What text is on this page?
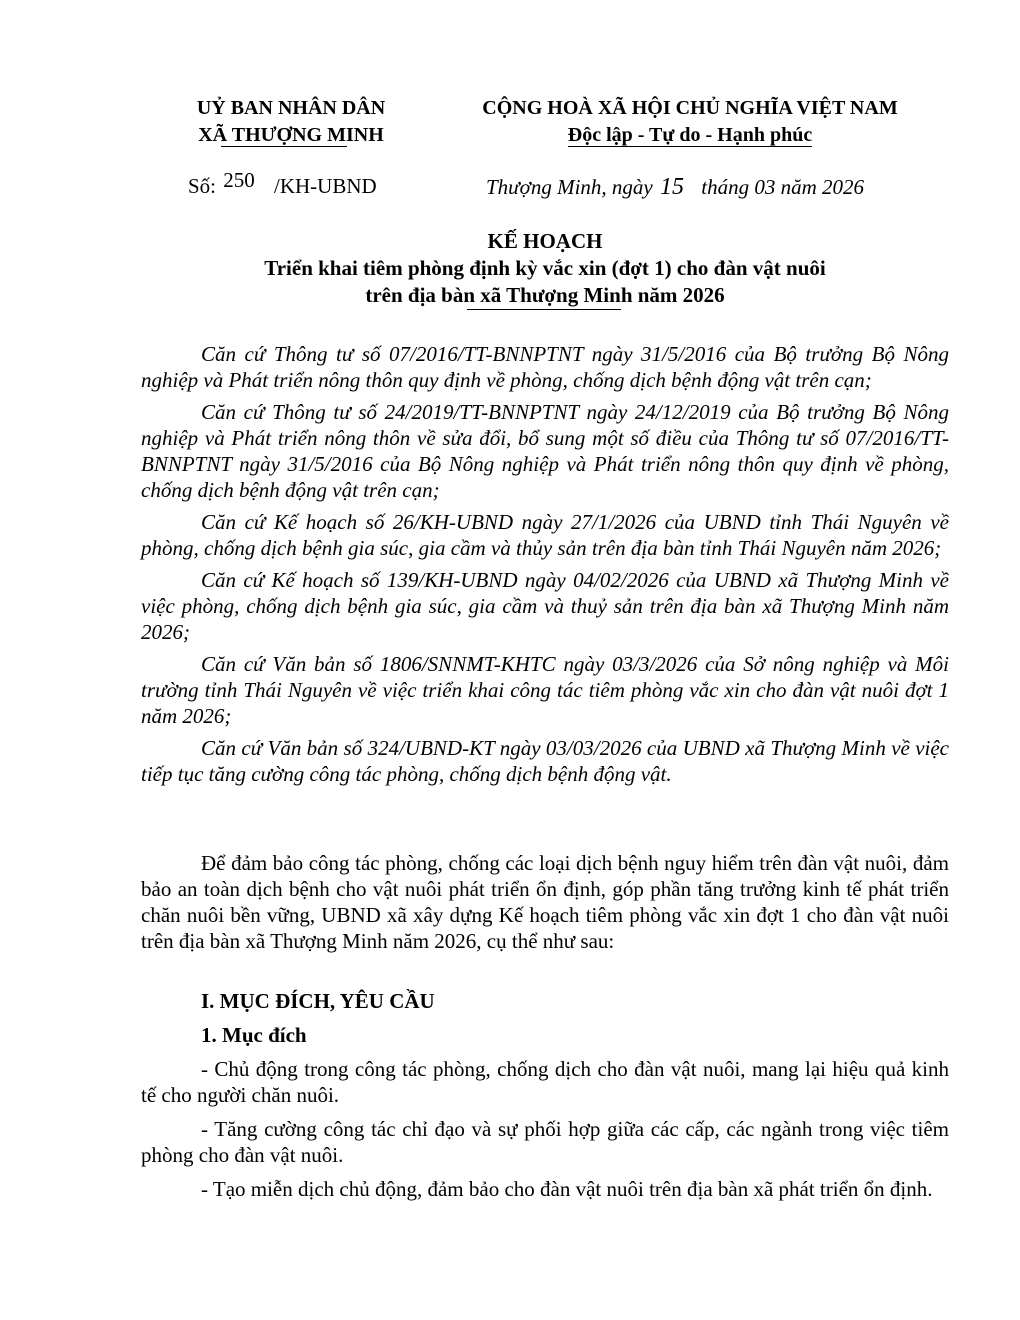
UỶ BAN NHÂN DÂN
XÃ THƯỢNG MINH
CỘNG HOÀ XÃ HỘI CHỦ NGHĨA VIỆT NAM
Độc lập - Tự do - Hạnh phúc
Số: 250 /KH-UBND	Thượng Minh, ngày 15 tháng 03 năm 2026
KẾ HOẠCH
Triển khai tiêm phòng định kỳ vắc xin (đợt 1) cho đàn vật nuôi
trên địa bàn xã Thượng Minh năm 2026

Căn cứ Thông tư số 07/2016/TT-BNNPTNT ngày 31/5/2016 của Bộ trưởng Bộ Nông nghiệp và Phát triển nông thôn quy định về phòng, chống dịch bệnh động vật trên cạn;

Căn cứ Thông tư số 24/2019/TT-BNNPTNT ngày 24/12/2019 của Bộ trưởng Bộ Nông nghiệp và Phát triển nông thôn về sửa đổi, bổ sung một số điều của Thông tư số 07/2016/TT-BNNPTNT ngày 31/5/2016 của Bộ Nông nghiệp và Phát triển nông thôn quy định về phòng, chống dịch bệnh động vật trên cạn;

Căn cứ Kế hoạch số 26/KH-UBND ngày 27/1/2026 của UBND tỉnh Thái Nguyên về phòng, chống dịch bệnh gia súc, gia cầm và thủy sản trên địa bàn tỉnh Thái Nguyên năm 2026;

Căn cứ Kế hoạch số 139/KH-UBND ngày 04/02/2026 của UBND xã Thượng Minh về việc phòng, chống dịch bệnh gia súc, gia cầm và thuỷ sản trên địa bàn xã Thượng Minh năm 2026;

Căn cứ Văn bản số 1806/SNNMT-KHTC ngày 03/3/2026 của Sở nông nghiệp và Môi trường tỉnh Thái Nguyên về việc triển khai công tác tiêm phòng vắc xin cho đàn vật nuôi đợt 1 năm 2026;

Căn cứ Văn bản số 324/UBND-KT ngày 03/03/2026 của UBND xã Thượng Minh về việc tiếp tục tăng cường công tác phòng, chống dịch bệnh động vật.

Để đảm bảo công tác phòng, chống các loại dịch bệnh nguy hiểm trên đàn vật nuôi, đảm bảo an toàn dịch bệnh cho vật nuôi phát triển ổn định, góp phần tăng trưởng kinh tế phát triển chăn nuôi bền vững, UBND xã xây dựng Kế hoạch tiêm phòng vắc xin đợt 1 cho đàn vật nuôi trên địa bàn xã Thượng Minh năm 2026, cụ thể như sau:

I. MỤC ĐÍCH, YÊU CẦU

1. Mục đích

- Chủ động trong công tác phòng, chống dịch cho đàn vật nuôi, mang lại hiệu quả kinh tế cho người chăn nuôi.

- Tăng cường công tác chỉ đạo và sự phối hợp giữa các cấp, các ngành trong việc tiêm phòng cho đàn vật nuôi.

- Tạo miễn dịch chủ động, đảm bảo cho đàn vật nuôi trên địa bàn xã phát triển ổn định.
